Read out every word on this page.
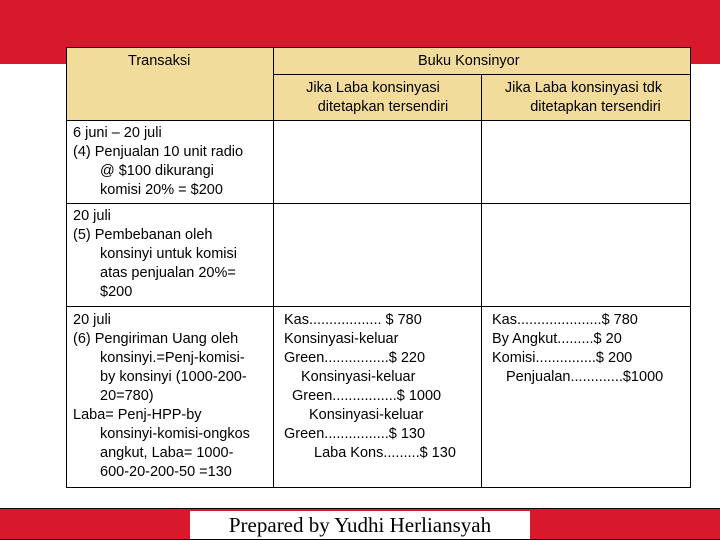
Transaksi	Buku Konsinyor
Jika Laba konsinyasi
ditetapkan tersendiri
Jika Laba konsinyasi tdk
ditetapkan tersendiri
6 juni – 20 juli
(4) Penjualan 10 unit radio
@ $100 dikurangi
komisi 20% = $200
20 juli
(5) Pembebanan oleh
konsinyi untuk komisi
atas penjualan 20%=
$200
20 juli
(6) Pengiriman Uang oleh
konsinyi.=Penj-komisi-
by konsinyi (1000-200-
20=780)
Laba= Penj-HPP-by
konsinyi-komisi-ongkos
angkut, Laba= 1000-
600-20-200-50 =130
Kas.................. $ 780
Konsinyasi-keluar
Green................$ 220
Konsinyasi-keluar
Green................$ 1000
Konsinyasi-keluar
Green................$ 130
Laba Kons.........$ 130
Kas.....................$ 780
By Angkut.........$ 20
Komisi...............$ 200
Penjualan.............$1000
Prepared by Yudhi Herliansyah
